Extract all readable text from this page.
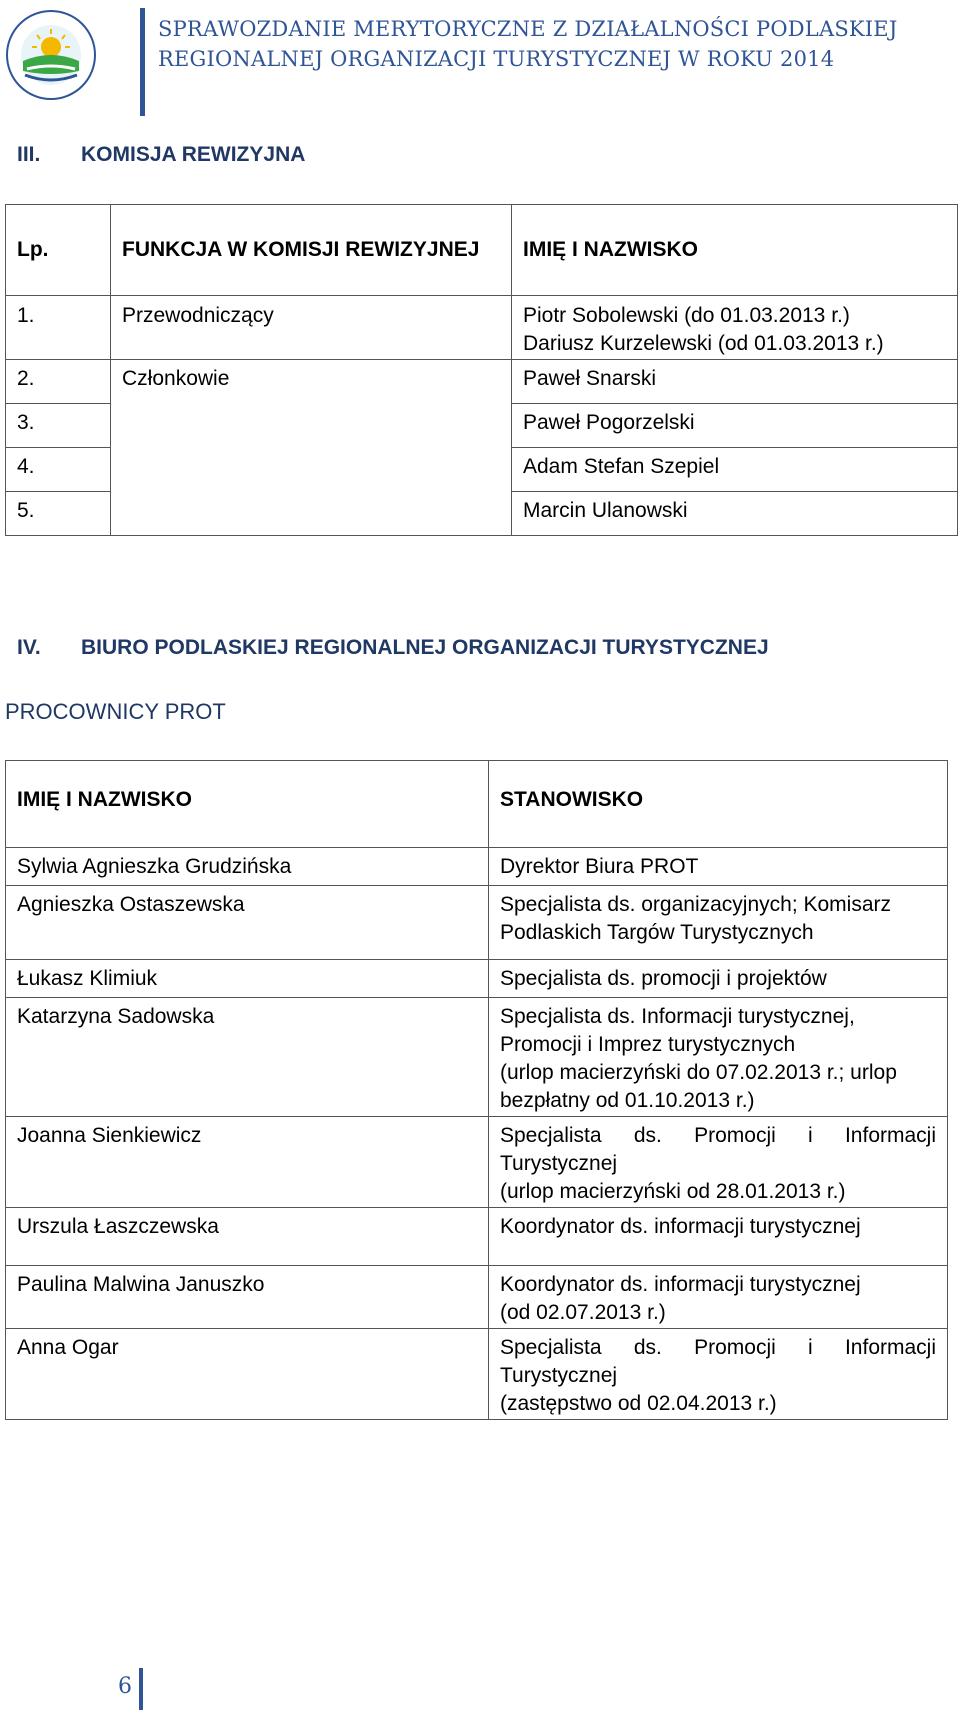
SPRAWOZDANIE MERYTORYCZNE Z DZIAŁALNOŚCI PODLASKIEJ
REGIONALNEJ ORGANIZACJI TURYSTYCZNEJ W ROKU 2014
III.	KOMISJA REWIZYJNA
Lp.	FUNKCJA W KOMISJI REWIZYJNEJ	IMIĘ I NAZWISKO
1.	Przewodniczący	Piotr Sobolewski (do 01.03.2013 r.)
Dariusz Kurzelewski (od 01.03.2013 r.)

2.	Członkowie	Paweł Snarski
3.		Paweł Pogorzelski
4.		Adam Stefan Szepiel
5.		Marcin Ulanowski
IV.	BIURO PODLASKIEJ REGIONALNEJ ORGANIZACJI TURYSTYCZNEJ
PROCOWNICY PROT
IMIĘ I NAZWISKO	STANOWISKO
Sylwia Agnieszka Grudzińska	Dyrektor Biura PROT

Agnieszka Ostaszewska	Specjalista ds. organizacyjnych; Komisarz
Podlaskich Targów Turystycznych

Łukasz Klimiuk	Specjalista ds. promocji i projektów

Katarzyna Sadowska	Specjalista ds. Informacji turystycznej,
Promocji i Imprez turystycznych
(urlop macierzyński do 07.02.2013 r.; urlop
bezpłatny od 01.10.2013 r.)

Joanna Sienkiewicz	Specjalista ds. Promocji i Informacji
Turystycznej
(urlop macierzyński od 28.01.2013 r.)

Urszula Łaszczewska	Koordynator ds. informacji turystycznej

Paulina Malwina Januszko	Koordynator ds. informacji turystycznej
(od 02.07.2013 r.)

Anna Ogar	Specjalista ds. Promocji i Informacji
Turystycznej
(zastępstwo od 02.04.2013 r.)
6
